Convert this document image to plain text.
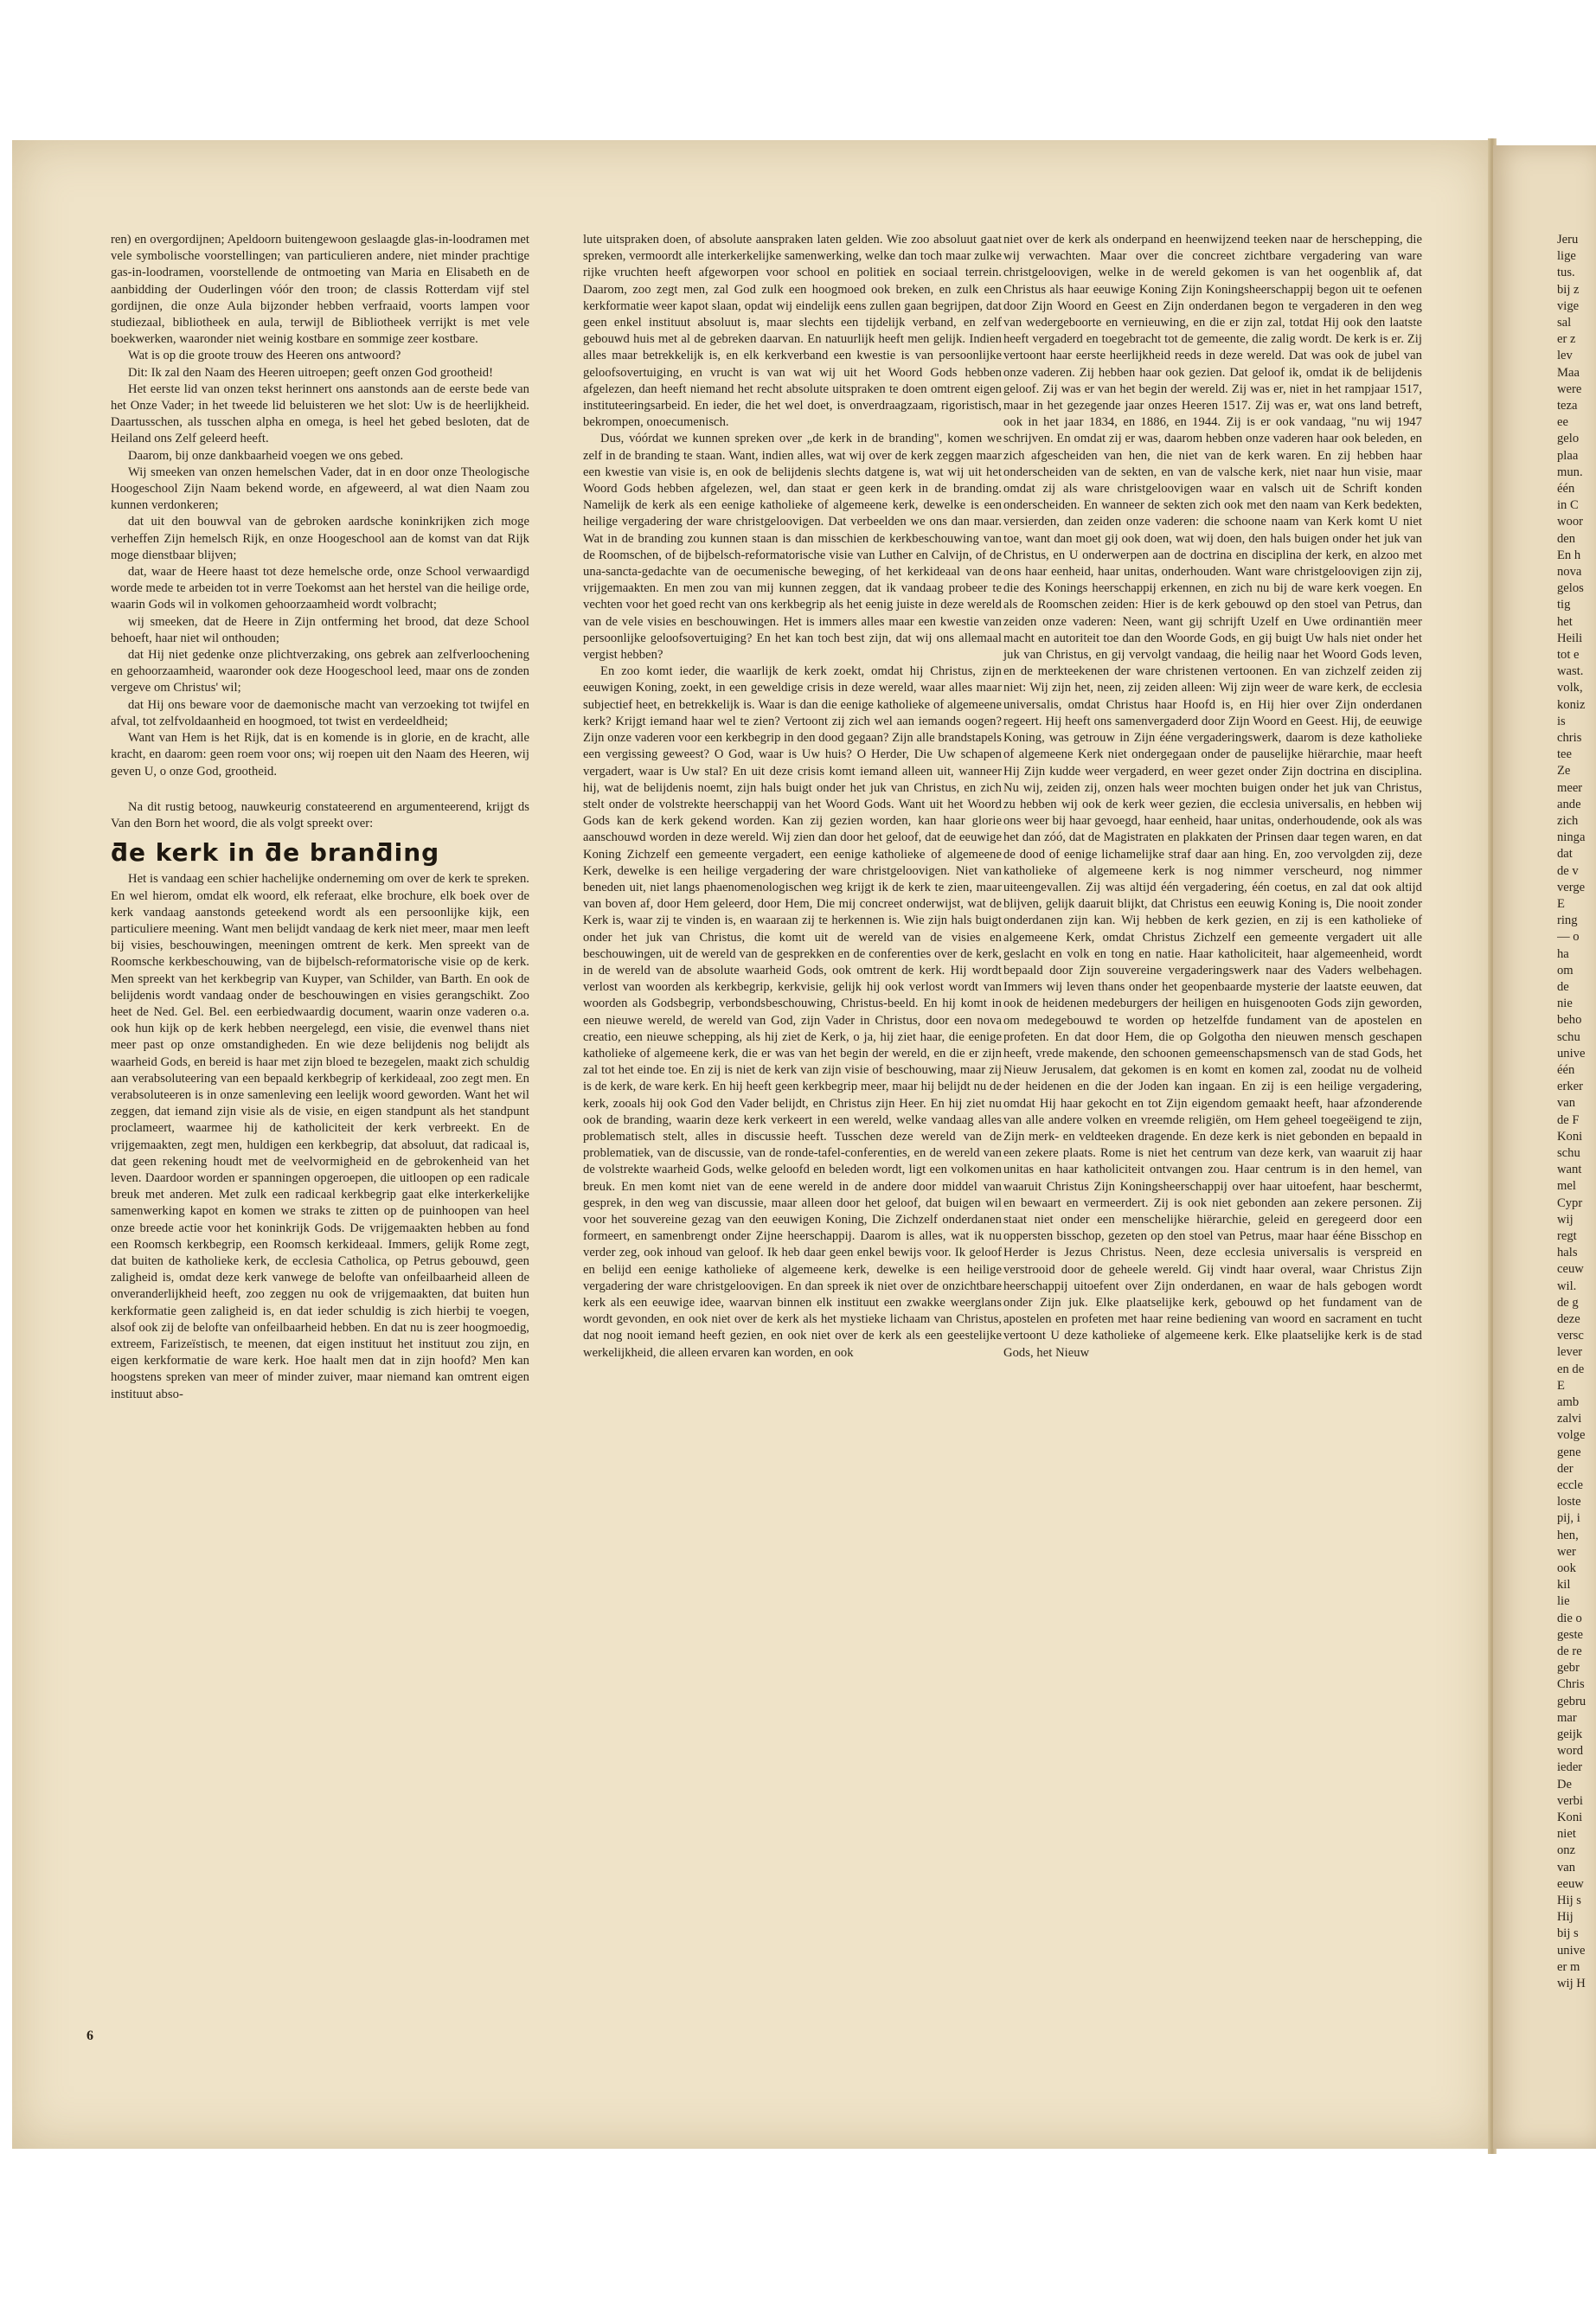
ren) en overgordijnen; Apeldoorn buitengewoon geslaagde glas-in-loodramen met vele symbolische voorstellingen; van particulieren andere, niet minder prachtige gas-in-loodramen, voorstellende de ontmoeting van Maria en Elisabeth en de aanbidding der Ouderlingen vóór den troon; de classis Rotterdam vijf stel gordijnen, die onze Aula bijzonder hebben verfraaid, voorts lampen voor studiezaal, bibliotheek en aula, terwijl de Bibliotheek verrijkt is met vele boekwerken, waaronder niet weinig kostbare en sommige zeer kostbare.

Wat is op die groote trouw des Heeren ons antwoord?

Dit: Ik zal den Naam des Heeren uitroepen; geeft onzen God grootheid!

Het eerste lid van onzen tekst herinnert ons aanstonds aan de eerste bede van het Onze Vader; in het tweede lid beluisteren we het slot: Uw is de heerlijkheid. Daartusschen, als tusschen alpha en omega, is heel het gebed besloten, dat de Heiland ons Zelf geleerd heeft.

Daarom, bij onze dankbaarheid voegen we ons gebed.

Wij smeeken van onzen hemelschen Vader, dat in en door onze Theologische Hoogeschool Zijn Naam bekend worde, en afgeweerd, al wat dien Naam zou kunnen verdonkeren;

dat uit den bouwval van de gebroken aardsche koninkrijken zich moge verheffen Zijn hemelsch Rijk, en onze Hoogeschool aan de komst van dat Rijk moge dienstbaar blijven;

dat, waar de Heere haast tot deze hemelsche orde, onze School verwaardigd worde mede te arbeiden tot in verre Toekomst aan het herstel van die heilige orde, waarin Gods wil in volkomen gehoorzaamheid wordt volbracht;

wij smeeken, dat de Heere in Zijn ontferming het brood, dat deze School behoeft, haar niet wil onthouden;

dat Hij niet gedenke onze plichtverzaking, ons gebrek aan zelfverloochening en gehoorzaamheid, waaronder ook deze Hoogeschool leed, maar ons de zonden vergeve om Christus' wil;

dat Hij ons beware voor de daemonische macht van verzoeking tot twijfel en afval, tot zelfvoldaanheid en hoogmoed, tot twist en verdeeldheid;

Want van Hem is het Rijk, dat is en komende is in glorie, en de kracht, alle kracht, en daarom: geen roem voor ons; wij roepen uit den Naam des Heeren, wij geven U, o onze God, grootheid.

Na dit rustig betoog, nauwkeurig constateerend en argumenteerend, krijgt ds Van den Born het woord, die als volgt spreekt over:

ƌe kerk in ƌe branƌing

Het is vandaag een schier hachelijke onderneming om over de kerk te spreken. En wel hierom, omdat elk woord, elk referaat, elke brochure, elk boek over de kerk vandaag aanstonds geteekend wordt als een persoonlijke kijk, een particuliere meening. Want men belijdt vandaag de kerk niet meer, maar men leeft bij visies, beschouwingen, meeningen omtrent de kerk. Men spreekt van de Roomsche kerkbeschouwing, van de bijbelsch-reformatorische visie op de kerk. Men spreekt van het kerkbegrip van Kuyper, van Schilder, van Barth. En ook de belijdenis wordt vandaag onder de beschouwingen en visies gerangschikt. Zoo heet de Ned. Gel. Bel. een eerbiedwaardig document, waarin onze vaderen o.a. ook hun kijk op de kerk hebben neergelegd, een visie, die evenwel thans niet meer past op onze omstandigheden. En wie deze belijdenis nog belijdt als waarheid Gods, en bereid is haar met zijn bloed te bezegelen, maakt zich schuldig aan verabsoluteering van een bepaald kerkbegrip of kerkideaal, zoo zegt men. En verabsoluteeren is in onze samenleving een leelijk woord geworden. Want het wil zeggen, dat iemand zijn visie als de visie, en eigen standpunt als het standpunt proclameert, waarmee hij de katholiciteit der kerk verbreekt. En de vrijgemaakten, zegt men, huldigen een kerkbegrip, dat absoluut, dat radicaal is, dat geen rekening houdt met de veelvormigheid en de gebrokenheid van het leven. Daardoor worden er spanningen opgeroepen, die uitloopen op een radicale breuk met anderen. Met zulk een radicaal kerkbegrip gaat elke interkerkelijke samenwerking kapot en komen we straks te zitten op de puinhoopen van heel onze breede actie voor het koninkrijk Gods. De vrijgemaakten hebben au fond een Roomsch kerkbegrip, een Roomsch kerkideaal. Immers, gelijk Rome zegt, dat buiten de katholieke kerk, de ecclesia Catholica, op Petrus gebouwd, geen zaligheid is, omdat deze kerk vanwege de belofte van onfeilbaarheid alleen de onveranderlijkheid heeft, zoo zeggen nu ook de vrijgemaakten, dat buiten hun kerkformatie geen zaligheid is, en dat ieder schuldig is zich hierbij te voegen, alsof ook zij de belofte van onfeilbaarheid hebben. En dat nu is zeer hoogmoedig, extreem, Farizeïstisch, te meenen, dat eigen instituut het instituut zou zijn, en eigen kerkformatie de ware kerk. Hoe haalt men dat in zijn hoofd? Men kan hoogstens spreken van meer of minder zuiver, maar niemand kan omtrent eigen instituut abso-

lute uitspraken doen, of absolute aanspraken laten gelden. Wie zoo absoluut gaat spreken, vermoordt alle interkerkelijke samenwerking, welke dan toch maar zulke rijke vruchten heeft afgeworpen voor school en politiek en sociaal terrein. Daarom, zoo zegt men, zal God zulk een hoogmoed ook breken, en zulk een kerkformatie weer kapot slaan, opdat wij eindelijk eens zullen gaan begrijpen, dat geen enkel instituut absoluut is, maar slechts een tijdelijk verband, en zelf gebouwd huis met al de gebreken daarvan. En natuurlijk heeft men gelijk. Indien alles maar betrekkelijk is, en elk kerkverband een kwestie is van persoonlijke geloofsovertuiging, en vrucht is van wat wij uit het Woord Gods hebben afgelezen, dan heeft niemand het recht absolute uitspraken te doen omtrent eigen instituteeringsarbeid. En ieder, die het wel doet, is onverdraagzaam, rigoristisch, bekrompen, onoecumenisch.

Dus, vóórdat we kunnen spreken over „de kerk in de branding", komen we zelf in de branding te staan. Want, indien alles, wat wij over de kerk zeggen maar een kwestie van visie is, en ook de belijdenis slechts datgene is, wat wij uit het Woord Gods hebben afgelezen, wel, dan staat er geen kerk in de branding. Namelijk de kerk als een eenige katholieke of algemeene kerk, dewelke is een heilige vergadering der ware christgeloovigen. Dat verbeelden we ons dan maar. Wat in de branding zou kunnen staan is dan misschien de kerkbeschouwing van de Roomschen, of de bijbelsch-reformatorische visie van Luther en Calvijn, of de una-sancta-gedachte van de oecumenische beweging, of het kerkideaal van de vrijgemaakten. En men zou van mij kunnen zeggen, dat ik vandaag probeer te vechten voor het goed recht van ons kerkbegrip als het eenig juiste in deze wereld van de vele visies en beschouwingen. Het is immers alles maar een kwestie van persoonlijke geloofsovertuiging? En het kan toch best zijn, dat wij ons allemaal vergist hebben?

En zoo komt ieder, die waarlijk de kerk zoekt, omdat hij Christus, zijn eeuwigen Koning, zoekt, in een geweldige crisis in deze wereld, waar alles maar subjectief heet, en betrekkelijk is. Waar is dan die eenige katholieke of algemeene kerk? Krijgt iemand haar wel te zien? Vertoont zij zich wel aan iemands oogen? Zijn onze vaderen voor een kerkbegrip in den dood gegaan? Zijn alle brandstapels een vergissing geweest? O God, waar is Uw huis? O Herder, Die Uw schapen vergadert, waar is Uw stal? En uit deze crisis komt iemand alleen uit, wanneer hij, wat de belijdenis noemt, zijn hals buigt onder het juk van Christus, en zich stelt onder de volstrekte heerschappij van het Woord Gods. Want uit het Woord Gods kan de kerk gekend worden. Kan zij gezien worden, kan haar glorie aanschouwd worden in deze wereld. Wij zien dan door het geloof, dat de eeuwige Koning Zichzelf een gemeente vergadert, een eenige katholieke of algemeene Kerk, dewelke is een heilige vergadering der ware christgeloovigen. Niet van beneden uit, niet langs phaenomenologischen weg krijgt ik de kerk te zien, maar van boven af, door Hem geleerd, door Hem, Die mij concreet onderwijst, wat de Kerk is, waar zij te vinden is, en waaraan zij te herkennen is. Wie zijn hals buigt onder het juk van Christus, die komt uit de wereld van de visies en beschouwingen, uit de wereld van de gesprekken en de conferenties over de kerk, in de wereld van de absolute waarheid Gods, ook omtrent de kerk. Hij wordt verlost van woorden als kerkbegrip, kerkvisie, gelijk hij ook verlost wordt van woorden als Godsbegrip, verbondsbeschouwing, Christus-beeld. En hij komt in een nieuwe wereld, de wereld van God, zijn Vader in Christus, door een nova creatio, een nieuwe schepping, als hij ziet de Kerk, o ja, hij ziet haar, die eenige katholieke of algemeene kerk, die er was van het begin der wereld, en die er zijn zal tot het einde toe. En zij is niet de kerk van zijn visie of beschouwing, maar zij is de kerk, de ware kerk. En hij heeft geen kerkbegrip meer, maar hij belijdt nu de kerk, zooals hij ook God den Vader belijdt, en Christus zijn Heer. En hij ziet nu ook de branding, waarin deze kerk verkeert in een wereld, welke vandaag alles problematisch stelt, alles in discussie heeft. Tusschen deze wereld van de problematiek, van de discussie, van de ronde-tafel-conferenties, en de wereld van de volstrekte waarheid Gods, welke geloofd en beleden wordt, ligt een volkomen breuk. En men komt niet van de eene wereld in de andere door middel van gesprek, in den weg van discussie, maar alleen door het geloof, dat buigen wil voor het souvereine gezag van den eeuwigen Koning, Die Zichzelf onderdanen formeert, en samenbrengt onder Zijne heerschappij. Daarom is alles, wat ik nu verder zeg, ook inhoud van geloof. Ik heb daar geen enkel bewijs voor. Ik geloof en belijd een eenige katholieke of algemeene kerk, dewelke is een heilige vergadering der ware christgeloovigen. En dan spreek ik niet over de onzichtbare kerk als een eeuwige idee, waarvan binnen elk instituut een zwakke weerglans wordt gevonden, en ook niet over de kerk als het mystieke lichaam van Christus, dat nog nooit iemand heeft gezien, en ook niet over de kerk als een geestelijke werkelijkheid, die alleen ervaren kan worden, en ook

niet over de kerk als onderpand en heenwijzend teeken naar de herschepping, die wij verwachten. Maar over die concreet zichtbare vergadering van ware christgeloovigen, welke in de wereld gekomen is van het oogenblik af, dat Christus als haar eeuwige Koning Zijn Koningsheerschappij begon uit te oefenen door Zijn Woord en Geest en Zijn onderdanen begon te vergaderen in den weg van wedergeboorte en vernieuwing, en die er zijn zal, totdat Hij ook den laatste heeft vergaderd en toegebracht tot de gemeente, die zalig wordt. De kerk is er. Zij vertoont haar eerste heerlijkheid reeds in deze wereld. Dat was ook de jubel van onze vaderen. Zij hebben haar ook gezien. Dat geloof ik, omdat ik de belijdenis geloof. Zij was er van het begin der wereld. Zij was er, niet in het rampjaar 1517, maar in het gezegende jaar onzes Heeren 1517. Zij was er, wat ons land betreft, ook in het jaar 1834, en 1886, en 1944. Zij is er ook vandaag, "nu wij 1947 schrijven. En omdat zij er was, daarom hebben onze vaderen haar ook beleden, en zich afgescheiden van hen, die niet van de kerk waren. En zij hebben haar onderscheiden van de sekten, en van de valsche kerk, niet naar hun visie, maar omdat zij als ware christgeloovigen waar en valsch uit de Schrift konden onderscheiden. En wanneer de sekten zich ook met den naam van Kerk bedekten, versierden, dan zeiden onze vaderen: die schoone naam van Kerk komt U niet toe, want dan moet gij ook doen, wat wij doen, den hals buigen onder het juk van Christus, en U onderwerpen aan de doctrina en disciplina der kerk, en alzoo met ons haar eenheid, haar unitas, onderhouden. Want ware christgeloovigen zijn zij, die des Konings heerschappij erkennen, en zich nu bij de ware kerk voegen. En als de Roomschen zeiden: Hier is de kerk gebouwd op den stoel van Petrus, dan zeiden onze vaderen: Neen, want gij schrijft Uzelf en Uwe ordinantiën meer macht en autoriteit toe dan den Woorde Gods, en gij buigt Uw hals niet onder het juk van Christus, en gij vervolgt vandaag, die heilig naar het Woord Gods leven, en de merkteekenen der ware christenen vertoonen. En van zichzelf zeiden zij niet: Wij zijn het, neen, zij zeiden alleen: Wij zijn weer de ware kerk, de ecclesia universalis, omdat Christus haar Hoofd is, en Hij hier over Zijn onderdanen regeert. Hij heeft ons samenvergaderd door Zijn Woord en Geest. Hij, de eeuwige Koning, was getrouw in Zijn ééne vergaderingswerk, daarom is deze katholieke of algemeene Kerk niet ondergegaan onder de pauselijke hiërarchie, maar heeft Hij Zijn kudde weer vergaderd, en weer gezet onder Zijn doctrina en disciplina. Nu wij, zeiden zij, onzen hals weer mochten buigen onder het juk van Christus, zu hebben wij ook de kerk weer gezien, die ecclesia universalis, en hebben wij ons weer bij haar gevoegd, haar eenheid, haar unitas, onderhoudende, ook als was het dan zóó, dat de Magistraten en plakkaten der Prinsen daar tegen waren, en dat de dood of eenige lichamelijke straf daar aan hing. En, zoo vervolgden zij, deze katholieke of algemeene kerk is nog nimmer verscheurd, nog nimmer uiteengevallen. Zij was altijd één vergadering, één coetus, en zal dat ook altijd blijven, gelijk daaruit blijkt, dat Christus een eeuwig Koning is, Die nooit zonder onderdanen zijn kan. Wij hebben de kerk gezien, en zij is een katholieke of algemeene Kerk, omdat Christus Zichzelf een gemeente vergadert uit alle geslacht en volk en tong en natie. Haar katholiciteit, haar algemeenheid, wordt bepaald door Zijn souvereine vergaderingswerk naar des Vaders welbehagen. Immers wij leven thans onder het geopenbaarde mysterie der laatste eeuwen, dat ook de heidenen medeburgers der heiligen en huisgenooten Gods zijn geworden, om medegebouwd te worden op hetzelfde fundament van de apostelen en profeten. En dat door Hem, die op Golgotha den nieuwen mensch geschapen heeft, vrede makende, den schoonen gemeenschapsmensch van de stad Gods, het Nieuw Jerusalem, dat gekomen is en komt en komen zal, zoodat nu de volheid der heidenen en die der Joden kan ingaan. En zij is een heilige vergadering, omdat Hij haar gekocht en tot Zijn eigendom gemaakt heeft, haar afzonderende van alle andere volken en vreemde religiën, om Hem geheel toegeëigend te zijn, Zijn merk- en veldteeken dragende. En deze kerk is niet gebonden en bepaald in een zekere plaats. Rome is niet het centrum van deze kerk, van waaruit zij haar unitas en haar katholiciteit ontvangen zou. Haar centrum is in den hemel, van waaruit Christus Zijn Koningsheerschappij over haar uitoefent, haar beschermt, en bewaart en vermeerdert. Zij is ook niet gebonden aan zekere personen. Zij staat niet onder een menschelijke hiërarchie, geleid en geregeerd door een oppersten bisschop, gezeten op den stoel van Petrus, maar haar ééne Bisschop en Herder is Jezus Christus. Neen, deze ecclesia universalis is verspreid en verstrooid door de geheele wereld. Gij vindt haar overal, waar Christus Zijn heerschappij uitoefent over Zijn onderdanen, en waar de hals gebogen wordt onder Zijn juk. Elke plaatselijke kerk, gebouwd op het fundament van de apostelen en profeten met haar reine bediening van woord en sacrament en tucht vertoont U deze katholieke of algemeene kerk. Elke plaatselijke kerk is de stad Gods, het Nieuw

Jeru
lige
tus.
bij z
vige
sal
er z
lev
Maa
were
teza
ee
gelo
plaa
mun.
één
in C
woor
den
En h
nova
gelos
tig
het
Heili
tot e
wast.
volk,
koniz
is
chris
tee
Ze
meer
ande
zich
ninga
dat
de v
verge
E
ring
— o
ha
om
de
nie
beho
schu
unive
één
erker
van
de F
Koni
schu
want
mel
Cypr
wij
regt
hals
ceuw
wil.
de g
deze
versc
lever
en de
E
amb
zalvi
volge
gene
der
eccle
loste
pij, i
hen,
wer
ook
kil
lie
die o
geste
de re
gebr
Chris
gebru
mar
geijk
word
ieder
De
verbi
Koni
niet
onz
van
eeuw
Hij s
Hij
bij s
unive
er m
wij H
6
